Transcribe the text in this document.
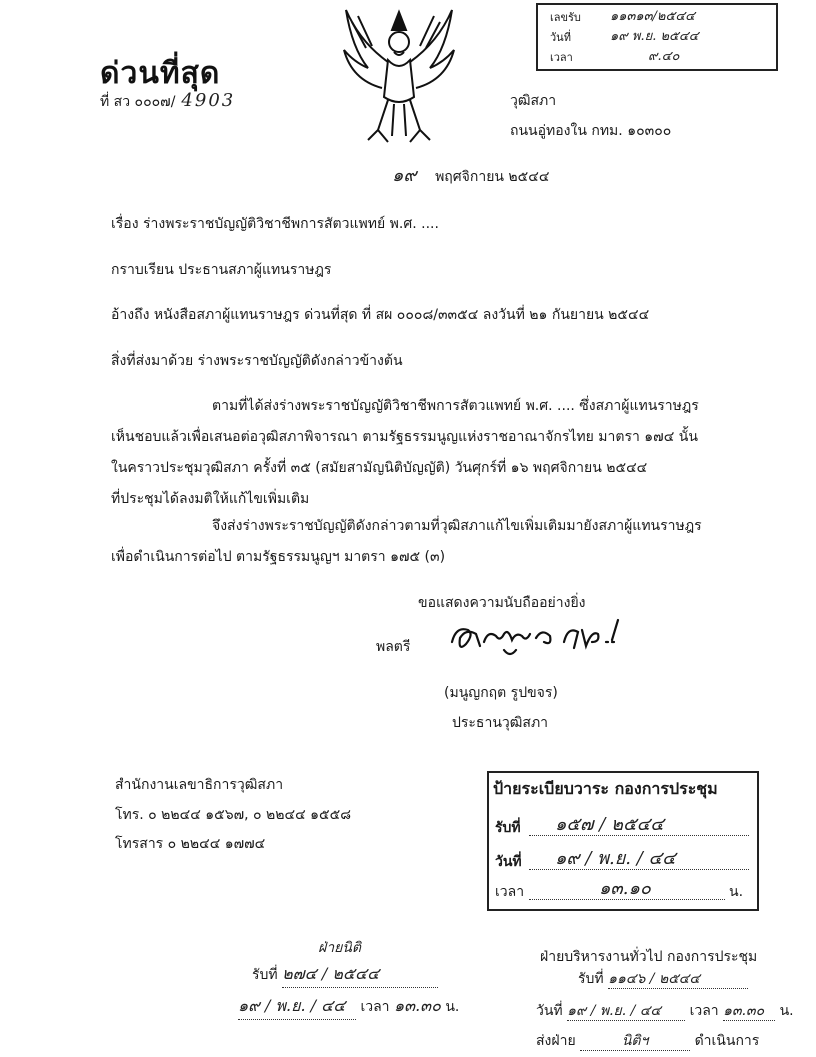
ด่วนที่สุด
ที่ สว ๐๐๐๗/ 4903
เลขรับ ๑๑๓๑๓/๒๕๔๔
วันที่	๑๙ พ.ย. ๒๕๔๔
เวลา	๙.๔๐
วุฒิสภา
ถนนอู่ทองใน กทม. ๑๐๓๐๐
๑๙ พฤศจิกายน ๒๕๔๔
เรื่อง ร่างพระราชบัญญัติวิชาชีพการสัตวแพทย์ พ.ศ. ....
กราบเรียน ประธานสภาผู้แทนราษฎร
อ้างถึง หนังสือสภาผู้แทนราษฎร ด่วนที่สุด ที่ สผ ๐๐๐๘/๓๓๕๔ ลงวันที่ ๒๑ กันยายน ๒๕๔๔
สิ่งที่ส่งมาด้วย ร่างพระราชบัญญัติดังกล่าวข้างต้น
ตามที่ได้ส่งร่างพระราชบัญญัติวิชาชีพการสัตวแพทย์ พ.ศ. .... ซึ่งสภาผู้แทนราษฎร
เห็นชอบแล้วเพื่อเสนอต่อวุฒิสภาพิจารณา ตามรัฐธรรมนูญแห่งราชอาณาจักรไทย มาตรา ๑๗๔ นั้น
ในคราวประชุมวุฒิสภา ครั้งที่ ๓๕ (สมัยสามัญนิติบัญญัติ) วันศุกร์ที่ ๑๖ พฤศจิกายน ๒๕๔๔
ที่ประชุมได้ลงมติให้แก้ไขเพิ่มเติม
จึงส่งร่างพระราชบัญญัติดังกล่าวตามที่วุฒิสภาแก้ไขเพิ่มเติมมายังสภาผู้แทนราษฎร
เพื่อดำเนินการต่อไป ตามรัฐธรรมนูญฯ มาตรา ๑๗๕ (๓)
ขอแสดงความนับถืออย่างยิ่ง
พลตรี
(มนูญกฤต รูปขจร)
ประธานวุฒิสภา
สำนักงานเลขาธิการวุฒิสภา
โทร. ๐ ๒๒๔๔ ๑๕๖๗, ๐ ๒๒๔๔ ๑๕๕๘
โทรสาร ๐ ๒๒๔๔ ๑๗๗๔
ป้ายระเบียบวาระ กองการประชุม
รับที่ ๑๕๗ / ๒๕๔๔
วันที่ ๑๙ / พ.ย. / ๔๔
เวลา	๑๓.๑๐	น.
ฝ่ายนิติ
รับที่ ๒๗๔ / ๒๕๔๔
๑๙ / พ.ย. / ๔๔ เวลา ๑๓.๓๐ น.
ฝ่ายบริหารงานทั่วไป กองการประชุม
รับที่ ๑๑๔๖ / ๒๕๔๔
วันที่ ๑๙ / พ.ย. / ๔๔ เวลา ๑๓.๓๐ น.
ส่งฝ่าย	นิติฯ	ดำเนินการ
